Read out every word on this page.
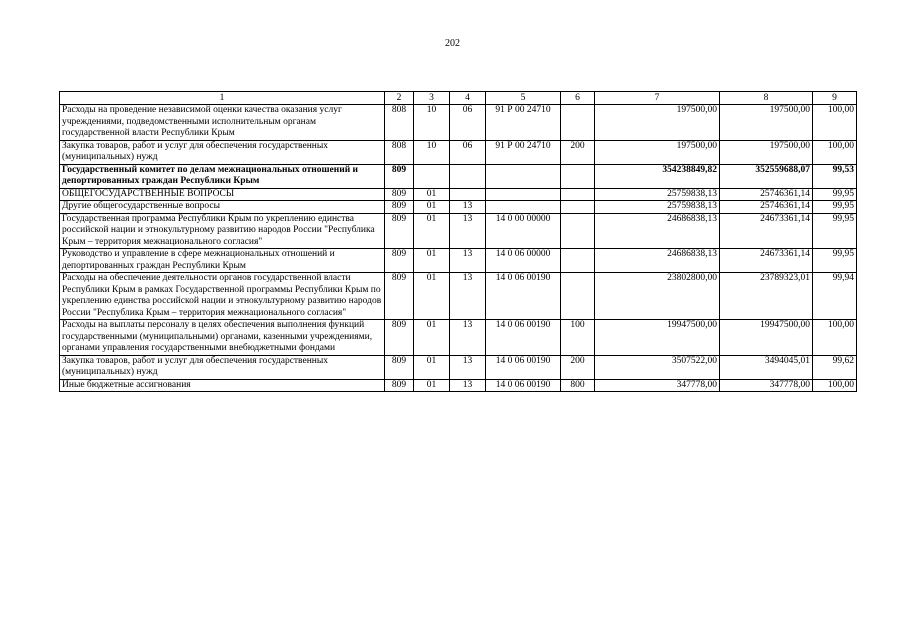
202
1	2	3	4	5	6	7	8	9
Расходы на проведение независимой оценки качества оказания услуг учреждениями, подведомственными исполнительным органам государственной власти Республики Крым	808	10	06	91 Р 00 24710		197500,00	197500,00	100,00
Закупка товаров, работ и услуг для обеспечения государственных (муниципальных) нужд	808	10	06	91 Р 00 24710	200	197500,00	197500,00	100,00
Государственный комитет по делам межнациональных отношений и депортированных граждан Республики Крым	809					354238849,82	352559688,07	99,53
ОБЩЕГОСУДАРСТВЕННЫЕ ВОПРОСЫ	809	01				25759838,13	25746361,14	99,95
Другие общегосударственные вопросы	809	01	13			25759838,13	25746361,14	99,95
Государственная программа Республики Крым по укреплению единства российской нации и этнокультурному развитию народов России "Республика Крым – территория межнационального согласия"	809	01	13	14 0 00 00000		24686838,13	24673361,14	99,95
Руководство и управление в сфере межнациональных отношений и депортированных граждан Республики Крым	809	01	13	14 0 06 00000		24686838,13	24673361,14	99,95
Расходы на обеспечение деятельности органов государственной власти Республики Крым в рамках Государственной программы Республики Крым по укреплению единства российской нации и этнокультурному развитию народов России "Республика Крым – территория межнационального согласия"	809	01	13	14 0 06 00190		23802800,00	23789323,01	99,94
Расходы на выплаты персоналу в целях обеспечения выполнения функций государственными (муниципальными) органами, казенными учреждениями, органами управления государственными внебюджетными фондами	809	01	13	14 0 06 00190	100	19947500,00	19947500,00	100,00
Закупка товаров, работ и услуг для обеспечения государственных (муниципальных) нужд	809	01	13	14 0 06 00190	200	3507522,00	3494045,01	99,62
Иные бюджетные ассигнования	809	01	13	14 0 06 00190	800	347778,00	347778,00	100,00
